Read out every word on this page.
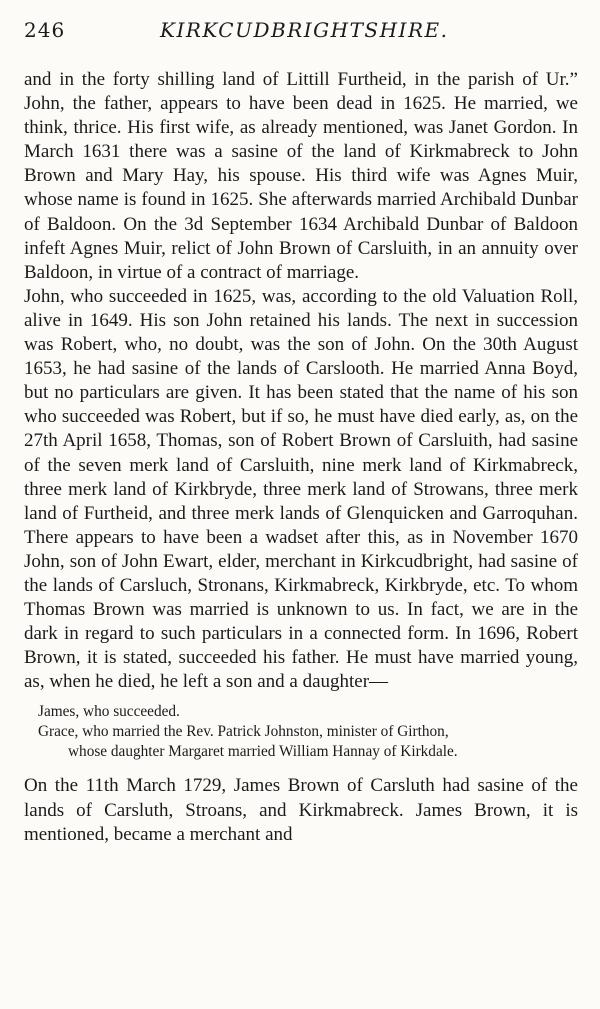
246	KIRKCUDBRIGHTSHIRE.

and in the forty shilling land of Littill Furtheid, in the parish of Ur.” John, the father, appears to have been dead in 1625. He married, we think, thrice. His first wife, as already mentioned, was Janet Gordon. In March 1631 there was a sasine of the land of Kirkmabreck to John Brown and Mary Hay, his spouse. His third wife was Agnes Muir, whose name is found in 1625. She afterwards married Archibald Dunbar of Baldoon. On the 3d September 1634 Archibald Dunbar of Baldoon infeft Agnes Muir, relict of John Brown of Carsluith, in an annuity over Baldoon, in virtue of a contract of marriage.

John, who succeeded in 1625, was, according to the old Valuation Roll, alive in 1649. His son John retained his lands. The next in succession was Robert, who, no doubt, was the son of John. On the 30th August 1653, he had sasine of the lands of Carslooth. He married Anna Boyd, but no particulars are given. It has been stated that the name of his son who succeeded was Robert, but if so, he must have died early, as, on the 27th April 1658, Thomas, son of Robert Brown of Carsluith, had sasine of the seven merk land of Carsluith, nine merk land of Kirkmabreck, three merk land of Kirkbryde, three merk land of Strowans, three merk land of Furtheid, and three merk lands of Glenquicken and Garroquhan. There appears to have been a wadset after this, as in November 1670 John, son of John Ewart, elder, merchant in Kirkcudbright, had sasine of the lands of Carsluch, Stronans, Kirkmabreck, Kirkbryde, etc. To whom Thomas Brown was married is unknown to us. In fact, we are in the dark in regard to such particulars in a connected form. In 1696, Robert Brown, it is stated, succeeded his father. He must have married young, as, when he died, he left a son and a daughter—

James, who succeeded.

Grace, who married the Rev. Patrick Johnston, minister of Girthon,
whose daughter Margaret married William Hannay of Kirkdale.

On the 11th March 1729, James Brown of Carsluth had sasine of the lands of Carsluth, Stroans, and Kirkmabreck. James Brown, it is mentioned, became a merchant and
